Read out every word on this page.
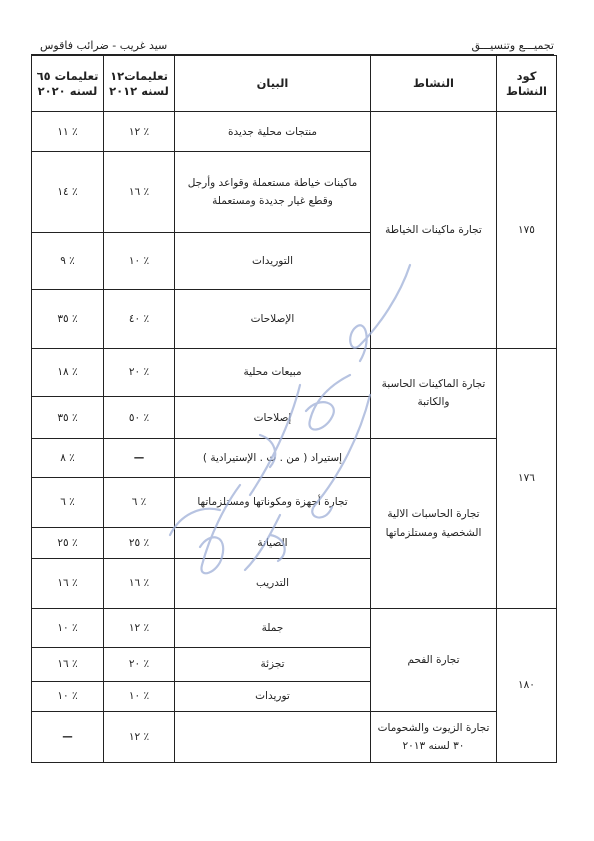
تجميـــع وتنسيـــق
سيد غريب - ضرائب فاقوس
كود النشاط	النشاط	البيان	تعليمات١٢ لسنه ٢٠١٢	تعليمات ٦٥ لسنه ٢٠٢٠
١٧٥	تجارة ماكينات الخياطة	منتجات محلية جديدة	٪ ١٢	٪ ١١
		ماكينات خياطة مستعملة وقواعد وأرجل وقطع غيار جديدة ومستعملة	٪ ١٦	٪ ١٤
		التوريدات	٪ ١٠	٪ ٩
		الإصلاحات	٪ ٤٠	٪ ٣٥
١٧٦	تجارة الماكينات الحاسبة والكاتبة	مبيعات محلية	٪ ٢٠	٪ ١٨
		إصلاحات	٪ ٥٠	٪ ٣٥
	تجارة الحاسبات الالية الشخصية ومستلزماتها	إستيراد ( من . ت . الإستيرادية )	—	٪ ٨
		تجارة أجهزة ومكوناتها ومستلزماتها	٪ ٦	٪ ٦
		الصيانة	٪ ٢٥	٪ ٢٥
		التدريب	٪ ١٦	٪ ١٦
١٨٠	تجارة الفحم	جملة	٪ ١٢	٪ ١٠
		تجزئة	٪ ٢٠	٪ ١٦
		توريدات	٪ ١٠	٪ ١٠
	تجارة الزيوت والشحومات ٣٠ لسنه ٢٠١٣		٪ ١٢	—
